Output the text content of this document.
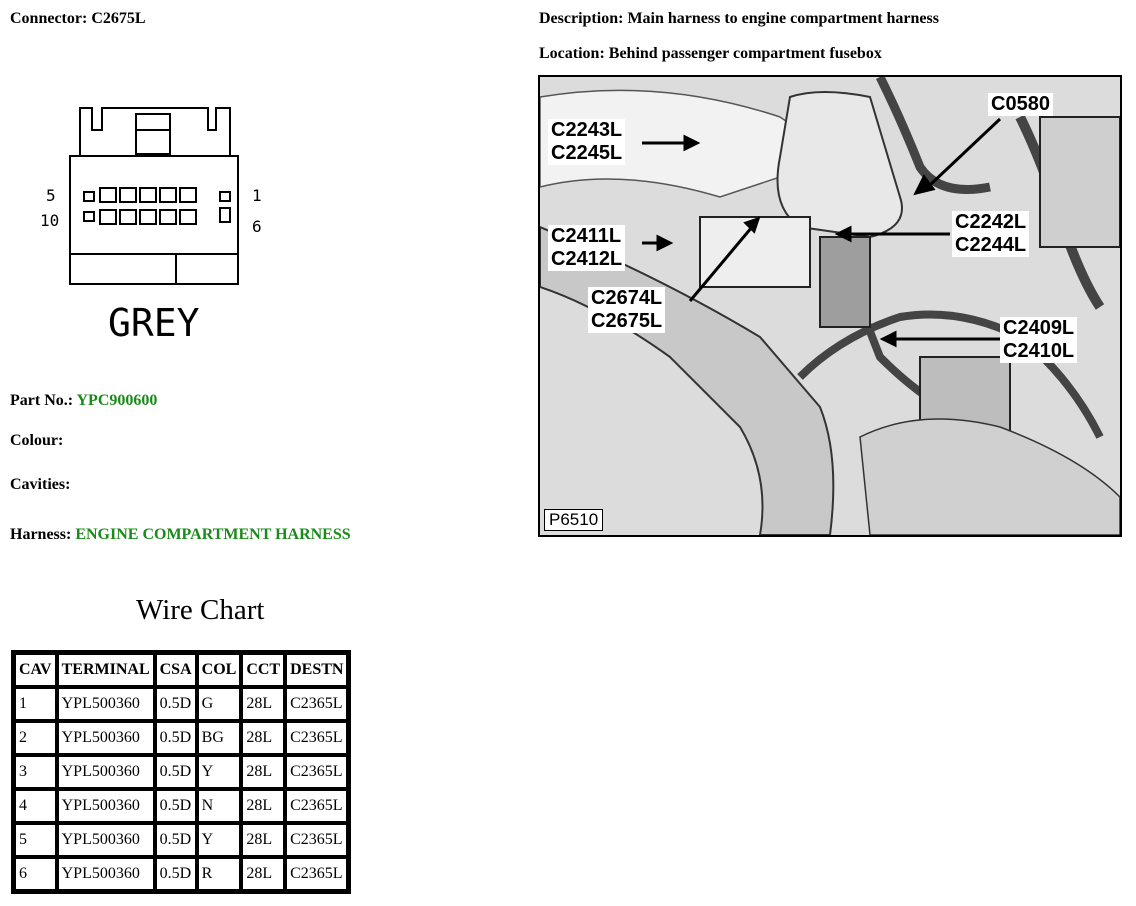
Connector: C2675L	Description: Main harness to engine compartment harness
Location: Behind passenger compartment fusebox
5
10
1
6
GREY
Part No.: YPC900600
Colour:
Cavities:
Harness: ENGINE COMPARTMENT HARNESS
Wire Chart
CAV	TERMINAL	CSA	COL	CCT	DESTN
1	YPL500360	0.5D	G	28L	C2365L
2	YPL500360	0.5D	BG	28L	C2365L
3	YPL500360	0.5D	Y	28L	C2365L
4	YPL500360	0.5D	N	28L	C2365L
5	YPL500360	0.5D	Y	28L	C2365L
6	YPL500360	0.5D	R	28L	C2365L
C2243L
C2245L
C0580
C2411L
C2412L
C2242L
C2244L
C2674L
C2675L	C2409L
C2410L
P6510
